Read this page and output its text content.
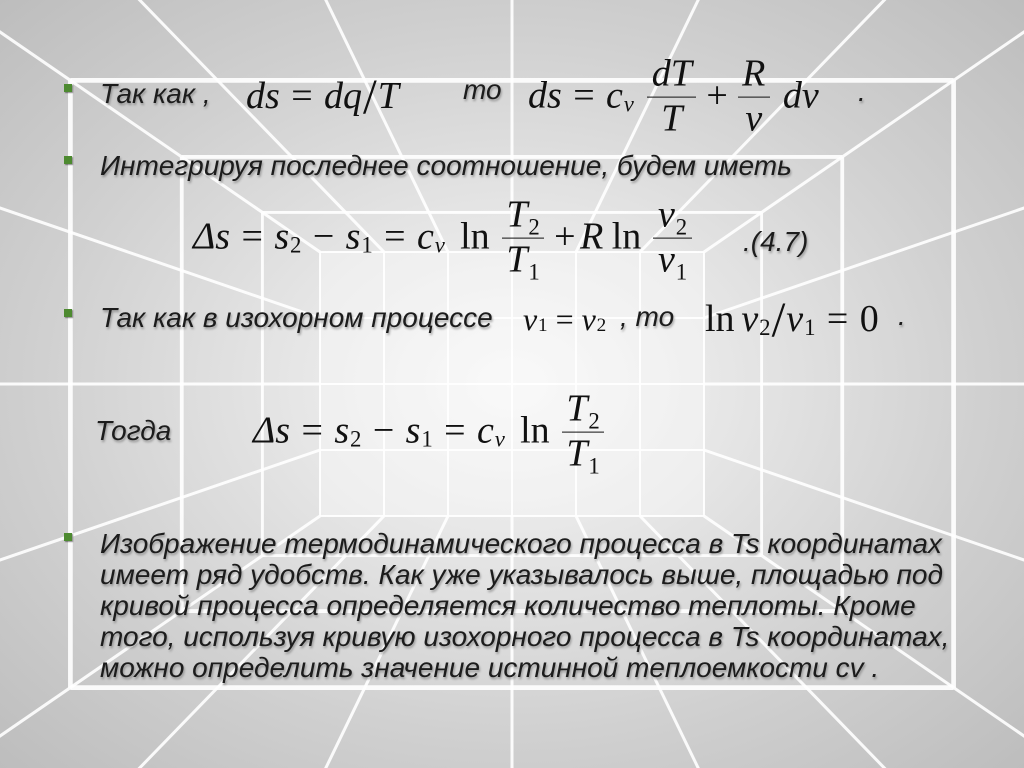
Так как , ds = dq / T то ds = c v $\frac{dT}{T} + \frac{R}{v}$ dv .
Интегрируя последнее соотношение, будем иметь
Δs = s 2 − s 1 = c v $\ln \frac{T_2}{T_1} + R$ $\ln \frac{v_2}{v_1} .(4.7)$
Так как в изохорном процессе v 1 = v 2 , то ln v 2 / v 1 = 0 .
Тогда Δs = s 2 − s 1 = c v $\ln \frac{T_2}{T_1}$
Изображение термодинамического процесса в Ts координатах
имеет ряд удобств. Как уже указывалось выше, площадью под
кривой процесса определяется количество теплоты. Кроме
того, используя кривую изохорного процесса в Ts координатах,
можно определить значение истинной теплоемкости cv .
